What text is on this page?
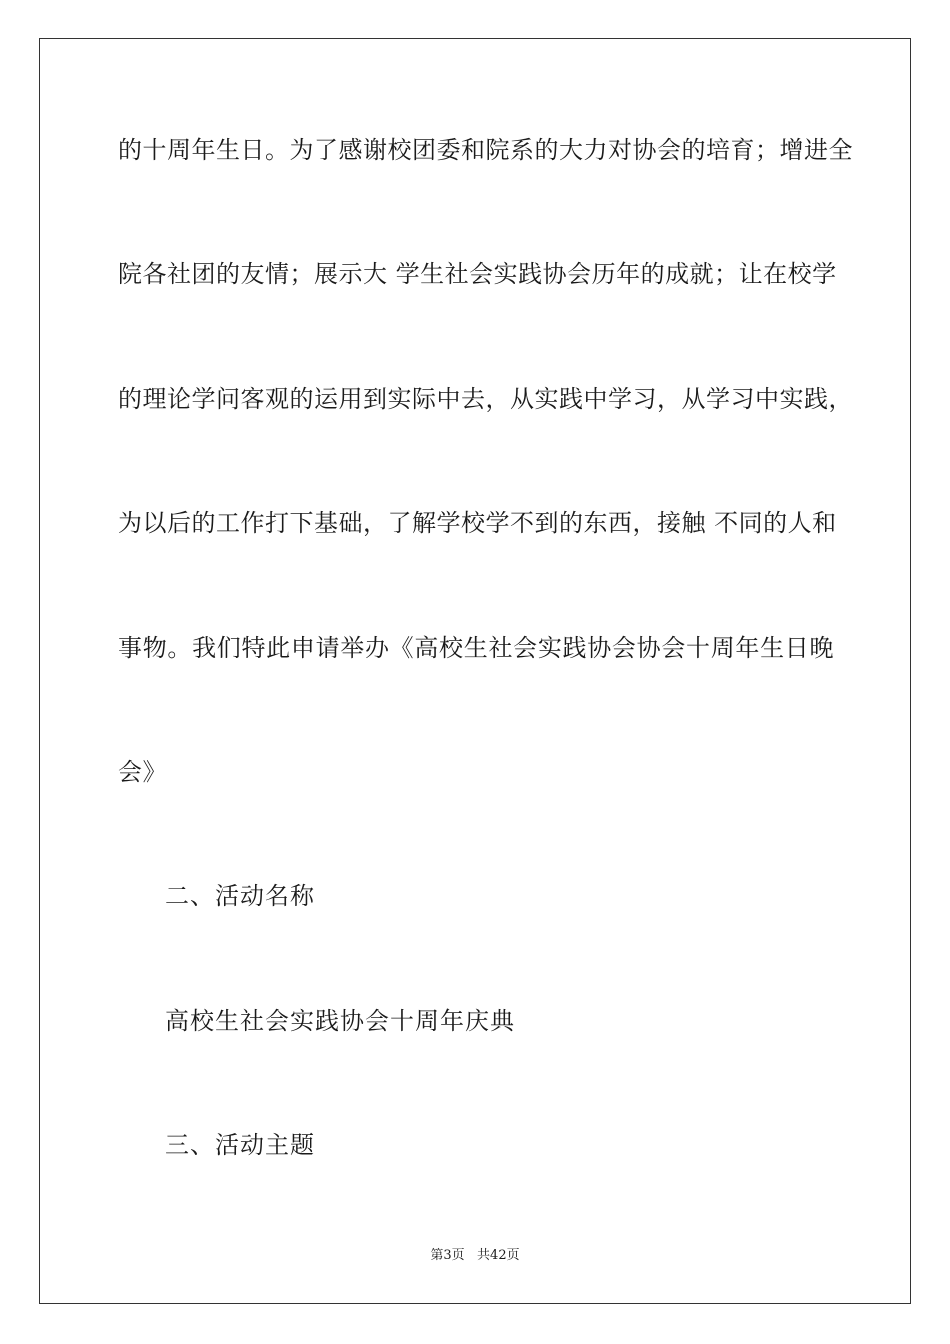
的十周年生日。为了感谢校团委和院系的大力对协会的培育；增进全
院各社团的友情；展示大 学生社会实践协会历年的成就；让在校学
的理论学问客观的运用到实际中去，从实践中学习，从学习中实践，
为以后的工作打下基础，了解学校学不到的东西，接触 不同的人和
事物。我们特此申请举办《高校生社会实践协会协会十周年生日晚
会》
二、活动名称
高校生社会实践协会十周年庆典
三、活动主题
第3页   共42页
